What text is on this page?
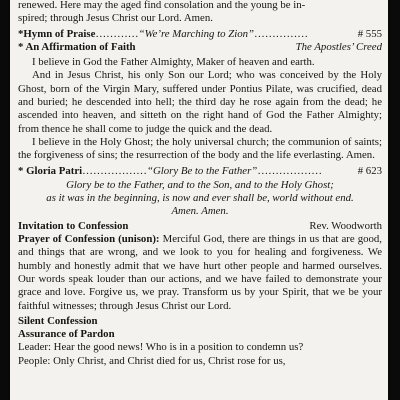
renewed. Here may the aged find consolation and the young be in-

spired; through Jesus Christ our Lord. Amen.

*Hymn of Praise…………“We’re Marching to Zion”……………	# 555
* An Affirmation of Faith	The Apostles’ Creed

I believe in God the Father Almighty, Maker of heaven and earth.

And in Jesus Christ, his only Son our Lord; who was conceived by the Holy Ghost, born of the Virgin Mary, suffered under Pontius Pilate, was crucified, dead and buried; he descended into hell; the third day he rose again from the dead; he ascended into heaven, and sitteth on the right hand of God the Father Almighty; from thence he shall come to judge the quick and the dead.

I believe in the Holy Ghost; the holy universal church; the communion of saints; the forgiveness of sins; the resurrection of the body and the life everlasting. Amen.

* Gloria Patri………………“Glory Be to the Father”………………	# 623

Glory be to the Father, and to the Son, and to the Holy Ghost;

as it was in the beginning, is now and ever shall be, world without end.

Amen. Amen.

Invitation to Confession	Rev. Woodworth

Prayer of Confession (unison): Merciful God, there are things in us that are good, and things that are wrong, and we look to you for healing and forgiveness. We humbly and honestly admit that we have hurt other people and harmed ourselves. Our words speak louder than our actions, and we have failed to demonstrate your grace and love. Forgive us, we pray. Transform us by your Spirit, that we be your faithful witnesses; through Jesus Christ our Lord.

Silent Confession

Assurance of Pardon

Leader: Hear the good news! Who is in a position to condemn us?

People: Only Christ, and Christ died for us, Christ rose for us,
